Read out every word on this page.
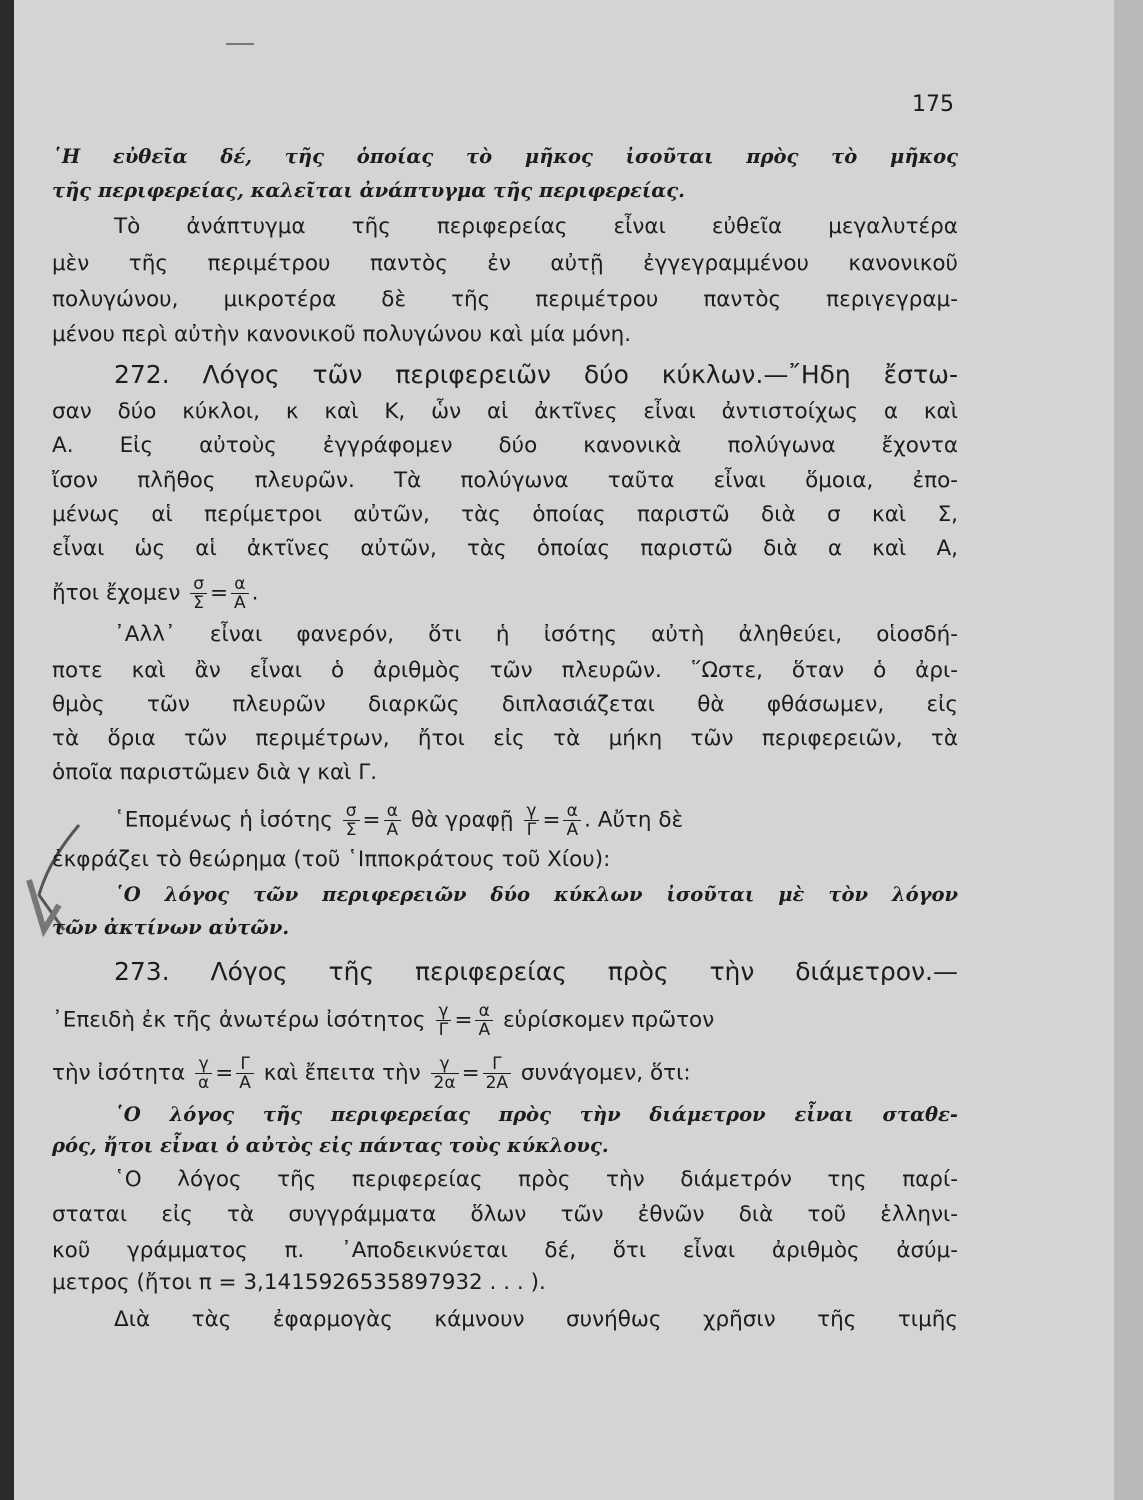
175
῾Η εὐθεῖα δέ, τῆς ὁποίας τὸ μῆκος ἰσοῦται πρὸς τὸ μῆκος
τῆς περιφερείας, καλεῖται ἀνάπτυγμα τῆς περιφερείας.
Τὸ ἀνάπτυγμα τῆς περιφερείας εἶναι εὐθεῖα μεγαλυτέρα
μὲν τῆς περιμέτρου παντὸς ἐν αὐτῇ ἐγγεγραμμένου κανονικοῦ
πολυγώνου, μικροτέρα δὲ τῆς περιμέτρου παντὸς περιγεγραμ-
μένου περὶ αὐτὴν κανονικοῦ πολυγώνου καὶ μία μόνη.
272. Λόγος τῶν περιφερειῶν δύο κύκλων.—῎Ηδη ἔστω-
σαν δύο κύκλοι, κ καὶ Κ, ὧν αἱ ἀκτῖνες εἶναι ἀντιστοίχως α καὶ
Α. Εἰς αὐτοὺς ἐγγράφομεν δύο κανονικὰ πολύγωνα ἔχοντα
ἴσον πλῆθος πλευρῶν. Τὰ πολύγωνα ταῦτα εἶναι ὅμοια, ἐπο-
μένως αἱ περίμετροι αὐτῶν, τὰς ὁποίας παριστῶ διὰ σ καὶ Σ,
εἶναι ὡς αἱ ἀκτῖνες αὐτῶν, τὰς ὁποίας παριστῶ διὰ α καὶ Α,
ἤτοι ἔχομεν $\frac{\sigma}{\Sigma} = \frac{\alpha}{A}$ .
᾿Αλλ᾿ εἶναι φανερόν, ὅτι ἡ ἰσότης αὐτὴ ἀληθεύει, οἱοσδή-
ποτε καὶ ἂν εἶναι ὁ ἀριθμὸς τῶν πλευρῶν. ῞Ωστε, ὅταν ὁ ἀρι-
θμὸς τῶν πλευρῶν διαρκῶς διπλασιάζεται θὰ φθάσωμεν, εἰς
τὰ ὅρια τῶν περιμέτρων, ἤτοι εἰς τὰ μήκη τῶν περιφερειῶν, τὰ
ὁποῖα παριστῶμεν διὰ γ καὶ Γ.
῾Επομένως ἡ ἰσότης $\frac{\sigma}{\Sigma} = \frac{\alpha}{A}$ θὰ γραφῇ $\frac{\gamma}{\Gamma} = \frac{\alpha}{A}$ . Αὔτη δὲ
ἐκφράζει τὸ θεώρημα (τοῦ ῾Ιπποκράτους τοῦ Χίου):
῾Ο λόγος τῶν περιφερειῶν δύο κύκλων ἰσοῦται μὲ τὸν λόγον
τῶν ἀκτίνων αὐτῶν.
273. Λόγος τῆς περιφερείας πρὸς τὴν διάμετρον.—
᾿Επειδὴ ἐκ τῆς ἀνωτέρω ἰσότητος $\frac{\gamma}{\Gamma} = \frac{\alpha}{A}$ εὑρίσκομεν πρῶτον
τὴν ἰσότητα $\frac{\gamma}{\alpha} = \frac{\Gamma}{A}$ καὶ ἔπειτα τὴν $\frac{\gamma}{2\alpha} = \frac{\Gamma}{2A} \sigma\upsilon\nu ά\gamma o\mu\varepsilon\nu$, ὅτι:
῾Ο λόγος τῆς περιφερείας πρὸς τὴν διάμετρον εἶναι σταθε-
ρός, ἤτοι εἶναι ὁ αὐτὸς εἰς πάντας τοὺς κύκλους.
῾Ο λόγος τῆς περιφερείας πρὸς τὴν διάμετρόν της παρί-
σταται εἰς τὰ συγγράμματα ὅλων τῶν ἐθνῶν διὰ τοῦ ἑλληνι-
κοῦ γράμματος π. ᾿Αποδεικνύεται δέ, ὅτι εἶναι ἀριθμὸς ἀσύμ-
μετρος (ἤτοι π = 3,1415926535897932 . . . ).
Διὰ τὰς ἐφαρμογὰς κάμνουν συνήθως χρῆσιν τῆς τιμῆς
